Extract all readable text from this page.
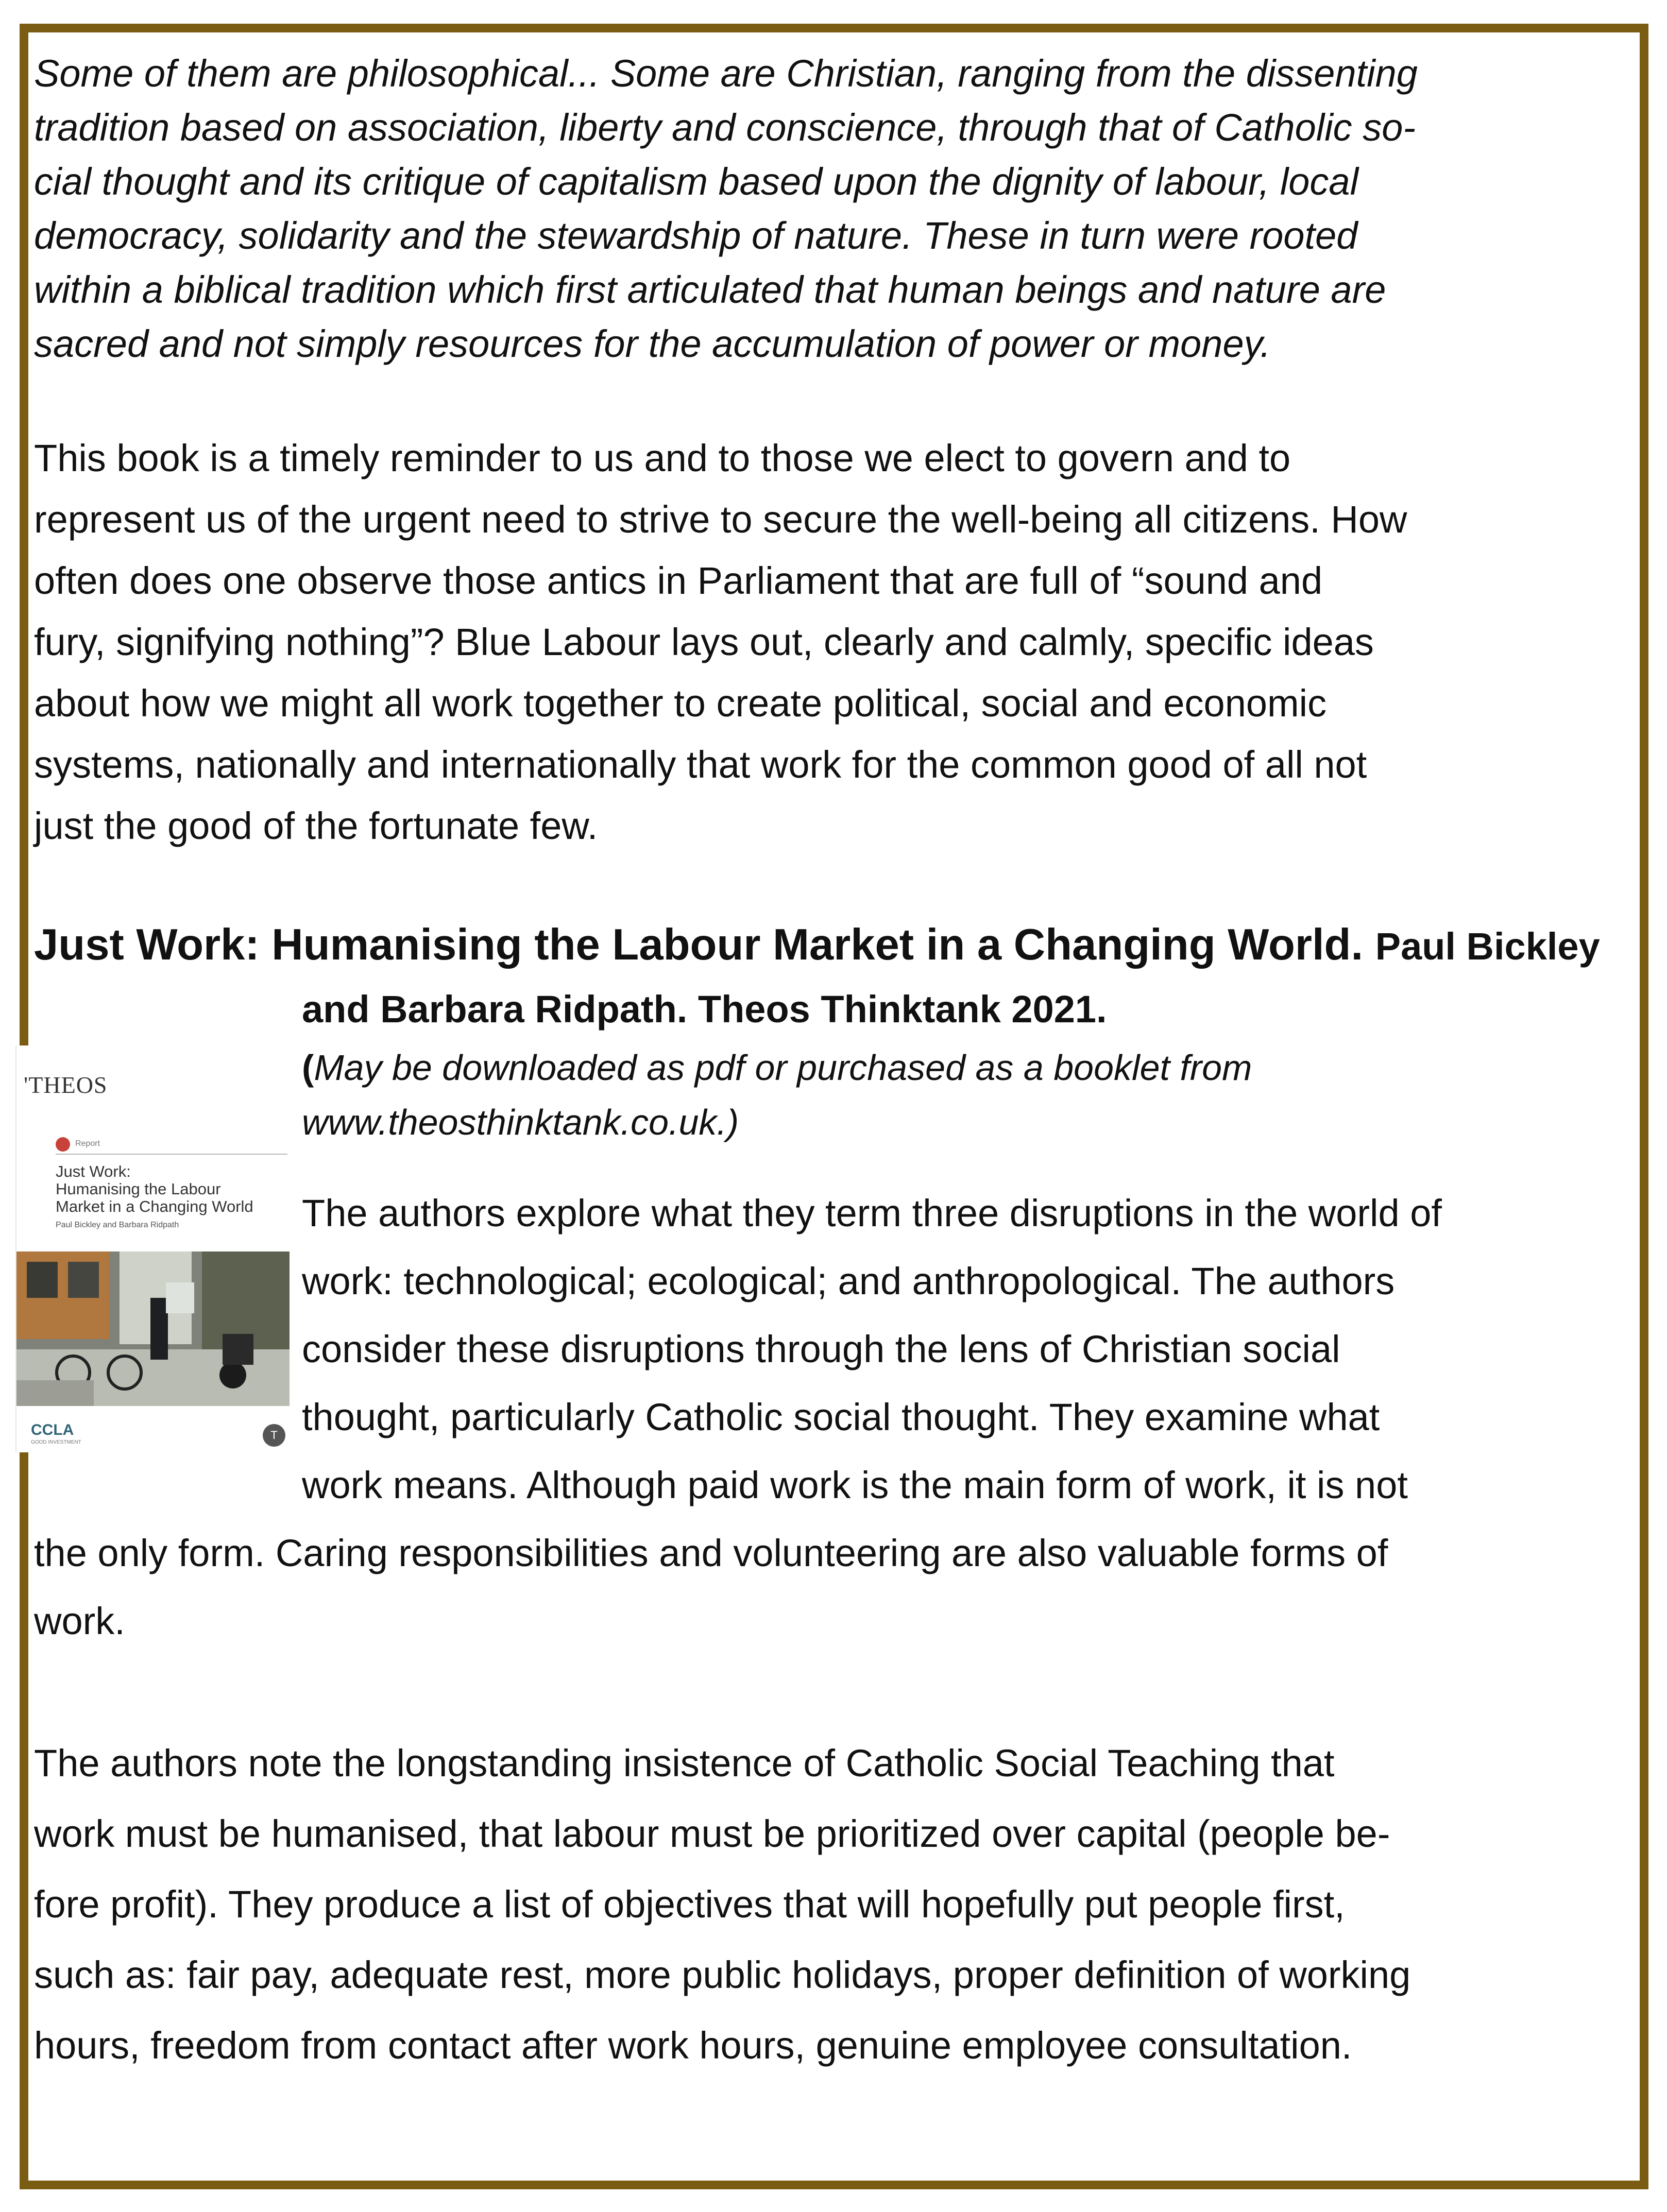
Some of them are philosophical... Some are Christian, ranging from the dissenting
tradition based on association, liberty and conscience, through that of Catholic so-
cial thought and its critique of capitalism based upon the dignity of labour, local
democracy, solidarity and the stewardship of nature. These in turn were rooted
within a biblical tradition which first articulated that human beings and nature are
sacred and not simply resources for the accumulation of power or money.

This book is a timely reminder to us and to those we elect to govern and to
represent us of the urgent need to strive to secure the well-being all citizens. How
often does one observe those antics in Parliament that are full of “sound and
fury, signifying nothing”? Blue Labour lays out, clearly and calmly, specific ideas
about how we might all work together to create political, social and economic
systems, nationally and internationally that work for the common good of all not
just the good of the fortunate few.

Just Work: Humanising the Labour Market in a Changing World. Paul Bickley

and Barbara Ridpath. Theos Thinktank 2021.

(May be downloaded as pdf or purchased as a booklet from
www.theosthinktank.co.uk.)

'THEOS
Report

Just Work:
Humanising the Labour
Market in a Changing World

Paul Bickley and Barbara Ridpath
CCLA
GOOD INVESTMENT
T

The authors explore what they term three disruptions in the world of
work: technological; ecological; and anthropological. The authors
consider these disruptions through the lens of Christian social
thought, particularly Catholic social thought. They examine what
work means. Although paid work is the main form of work, it is not
the only form. Caring responsibilities and volunteering are also valuable forms of
work.

The authors note the longstanding insistence of Catholic Social Teaching that
work must be humanised, that labour must be prioritized over capital (people be-
fore profit). They produce a list of objectives that will hopefully put people first,
such as: fair pay, adequate rest, more public holidays, proper definition of working
hours, freedom from contact after work hours, genuine employee consultation.
